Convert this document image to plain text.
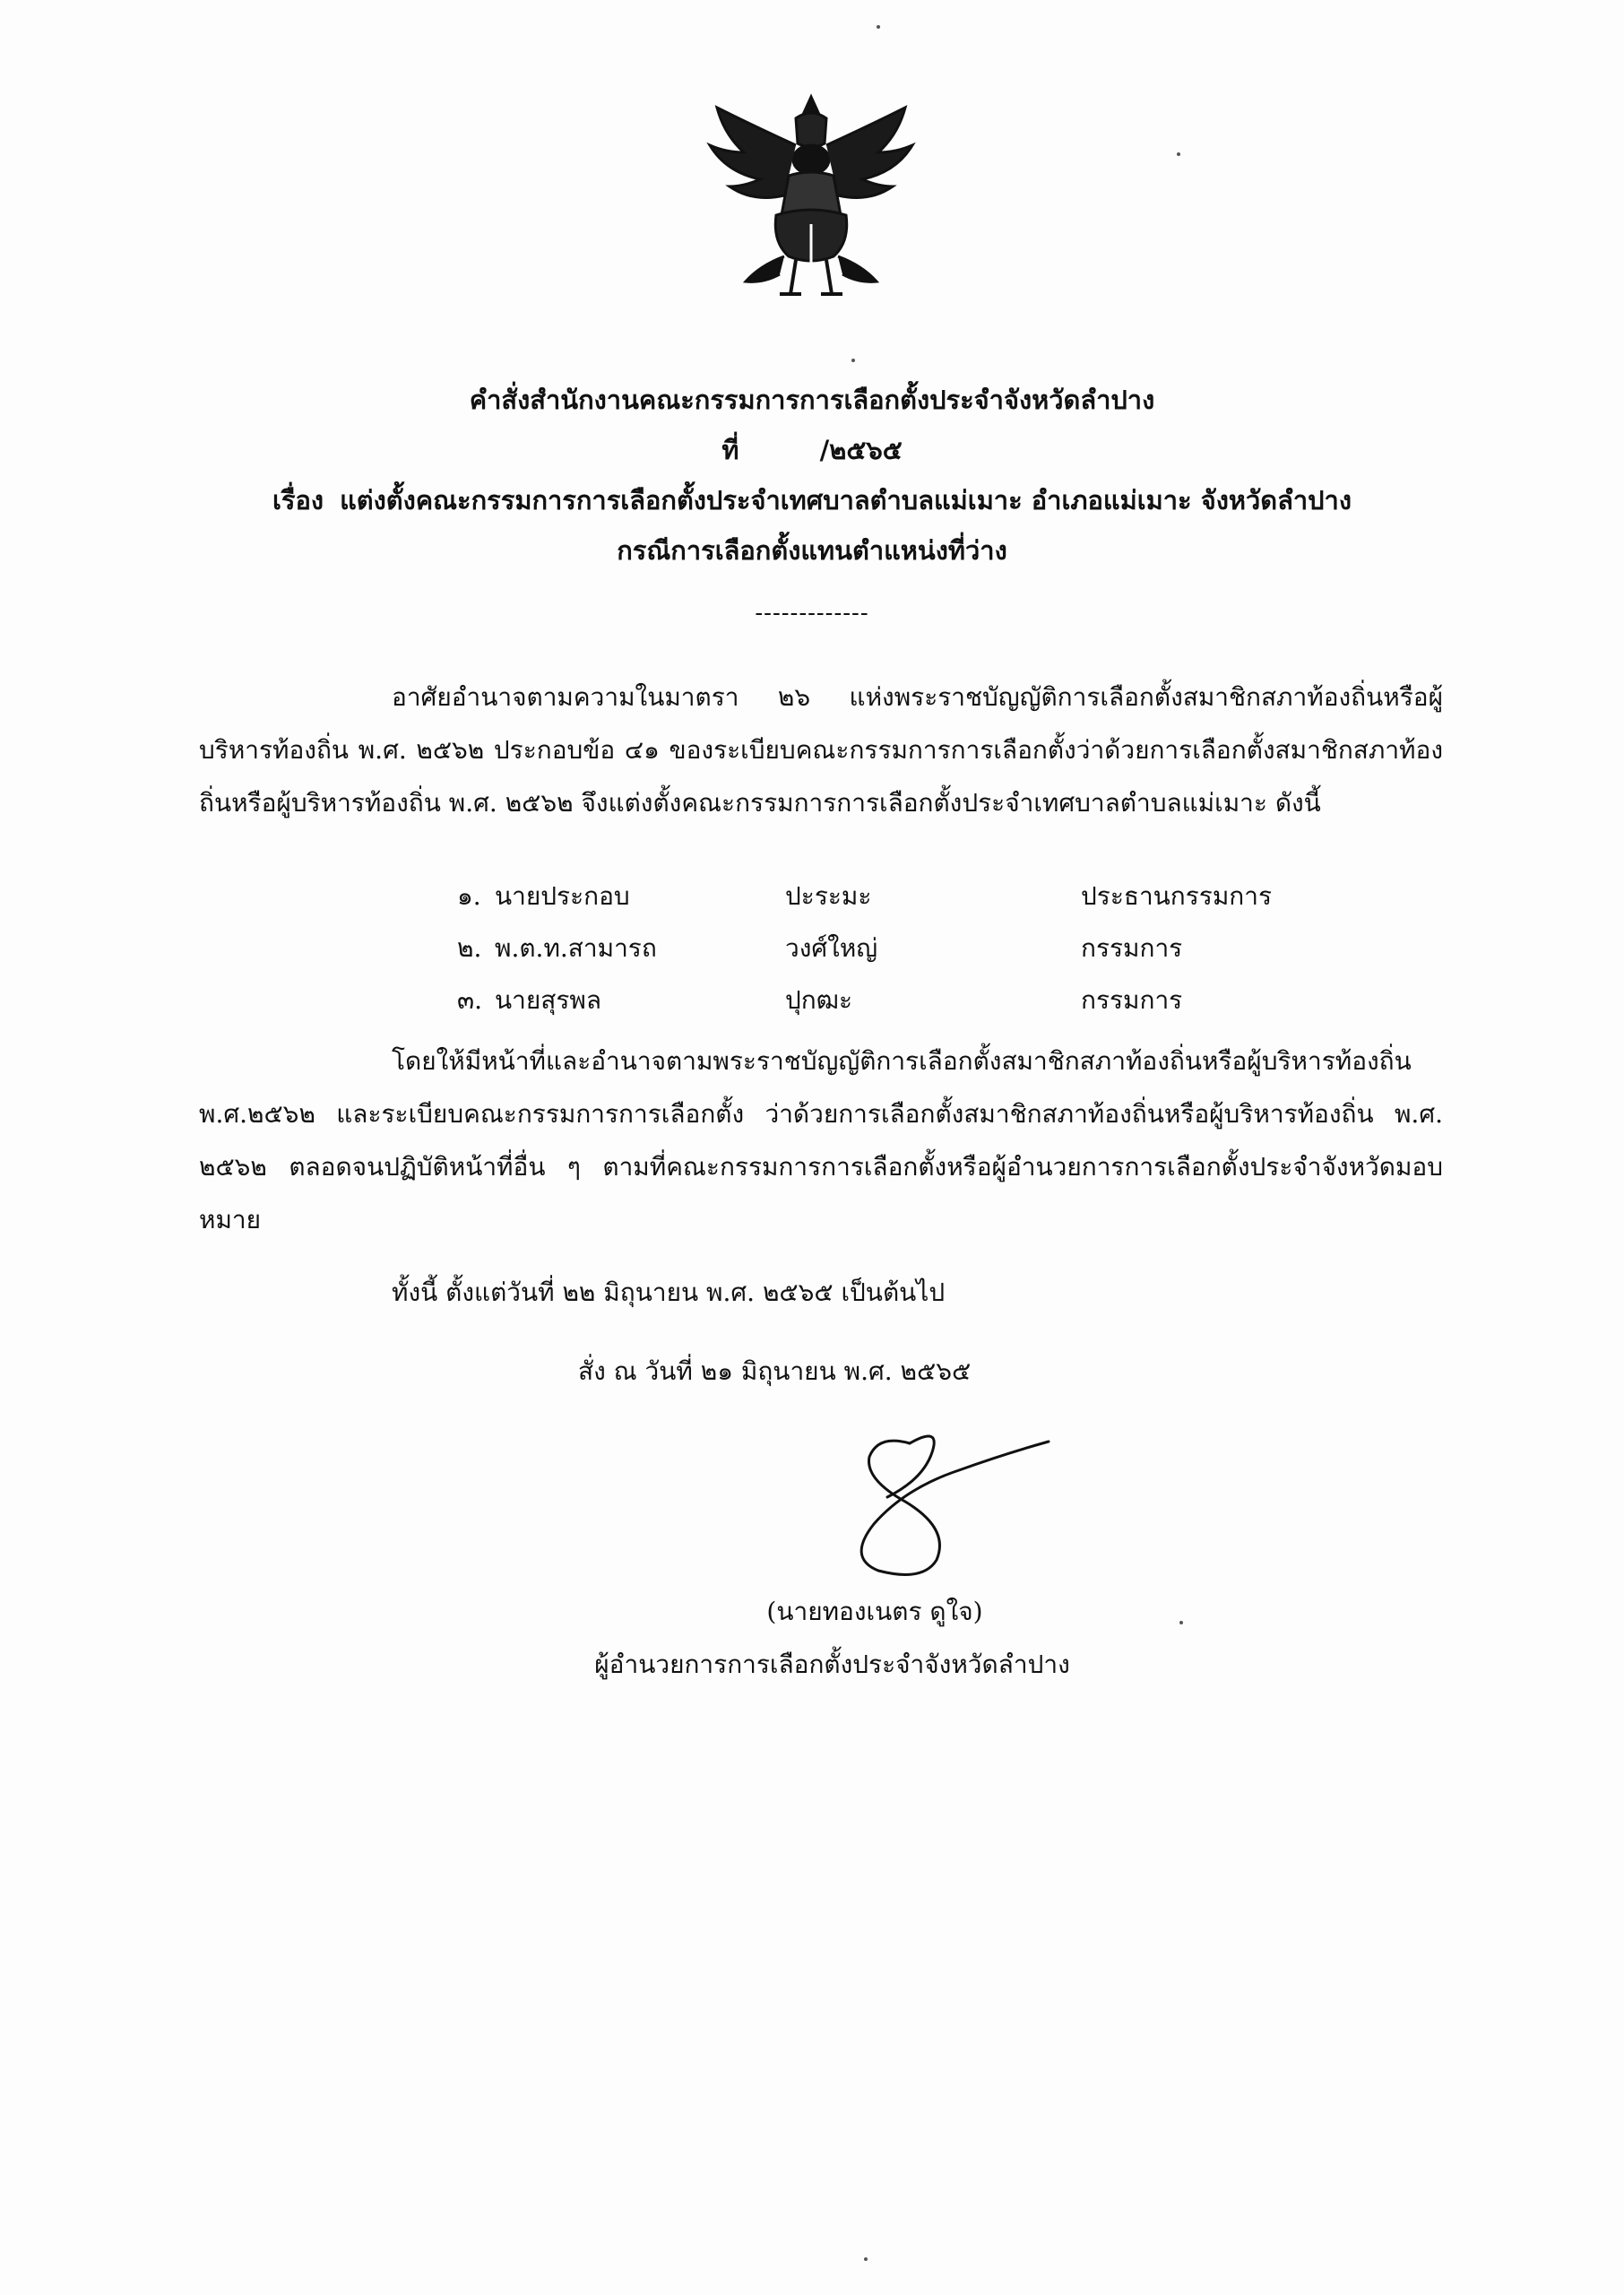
คำสั่งสำนักงานคณะกรรมการการเลือกตั้งประจำจังหวัดลำปาง
ที่	/๒๕๖๕
เรื่อง แต่งตั้งคณะกรรมการการเลือกตั้งประจำเทศบาลตำบลแม่เมาะ อำเภอแม่เมาะ จังหวัดลำปาง
กรณีการเลือกตั้งแทนตำแหน่งที่ว่าง
-------------
อาศัยอำนาจตามความในมาตรา ๒๖ แห่งพระราชบัญญัติการเลือกตั้งสมาชิกสภาท้องถิ่นหรือผู้บริหารท้องถิ่น พ.ศ. ๒๕๖๒ ประกอบข้อ ๔๑ ของระเบียบคณะกรรมการการเลือกตั้งว่าด้วยการเลือกตั้งสมาชิกสภาท้องถิ่นหรือผู้บริหารท้องถิ่น พ.ศ. ๒๕๖๒ จึงแต่งตั้งคณะกรรมการการเลือกตั้งประจำเทศบาลตำบลแม่เมาะ ดังนี้
๑. นายประกอบ	ปะระมะ	ประธานกรรมการ
๒. พ.ต.ท.สามารถ	วงศ์ใหญ่	กรรมการ
๓. นายสุรพล	ปุกฒะ	กรรมการ
โดยให้มีหน้าที่และอำนาจตามพระราชบัญญัติการเลือกตั้งสมาชิกสภาท้องถิ่นหรือผู้บริหารท้องถิ่น พ.ศ.๒๕๖๒ และระเบียบคณะกรรมการการเลือกตั้ง ว่าด้วยการเลือกตั้งสมาชิกสภาท้องถิ่นหรือผู้บริหารท้องถิ่น พ.ศ. ๒๕๖๒ ตลอดจนปฏิบัติหน้าที่อื่น ๆ ตามที่คณะกรรมการการเลือกตั้งหรือผู้อำนวยการการเลือกตั้งประจำจังหวัดมอบหมาย
ทั้งนี้ ตั้งแต่วันที่ ๒๒ มิถุนายน พ.ศ. ๒๕๖๕ เป็นต้นไป
สั่ง ณ วันที่ ๒๑ มิถุนายน พ.ศ. ๒๕๖๕
(นายทองเนตร ดูใจ)
ผู้อำนวยการการเลือกตั้งประจำจังหวัดลำปาง
